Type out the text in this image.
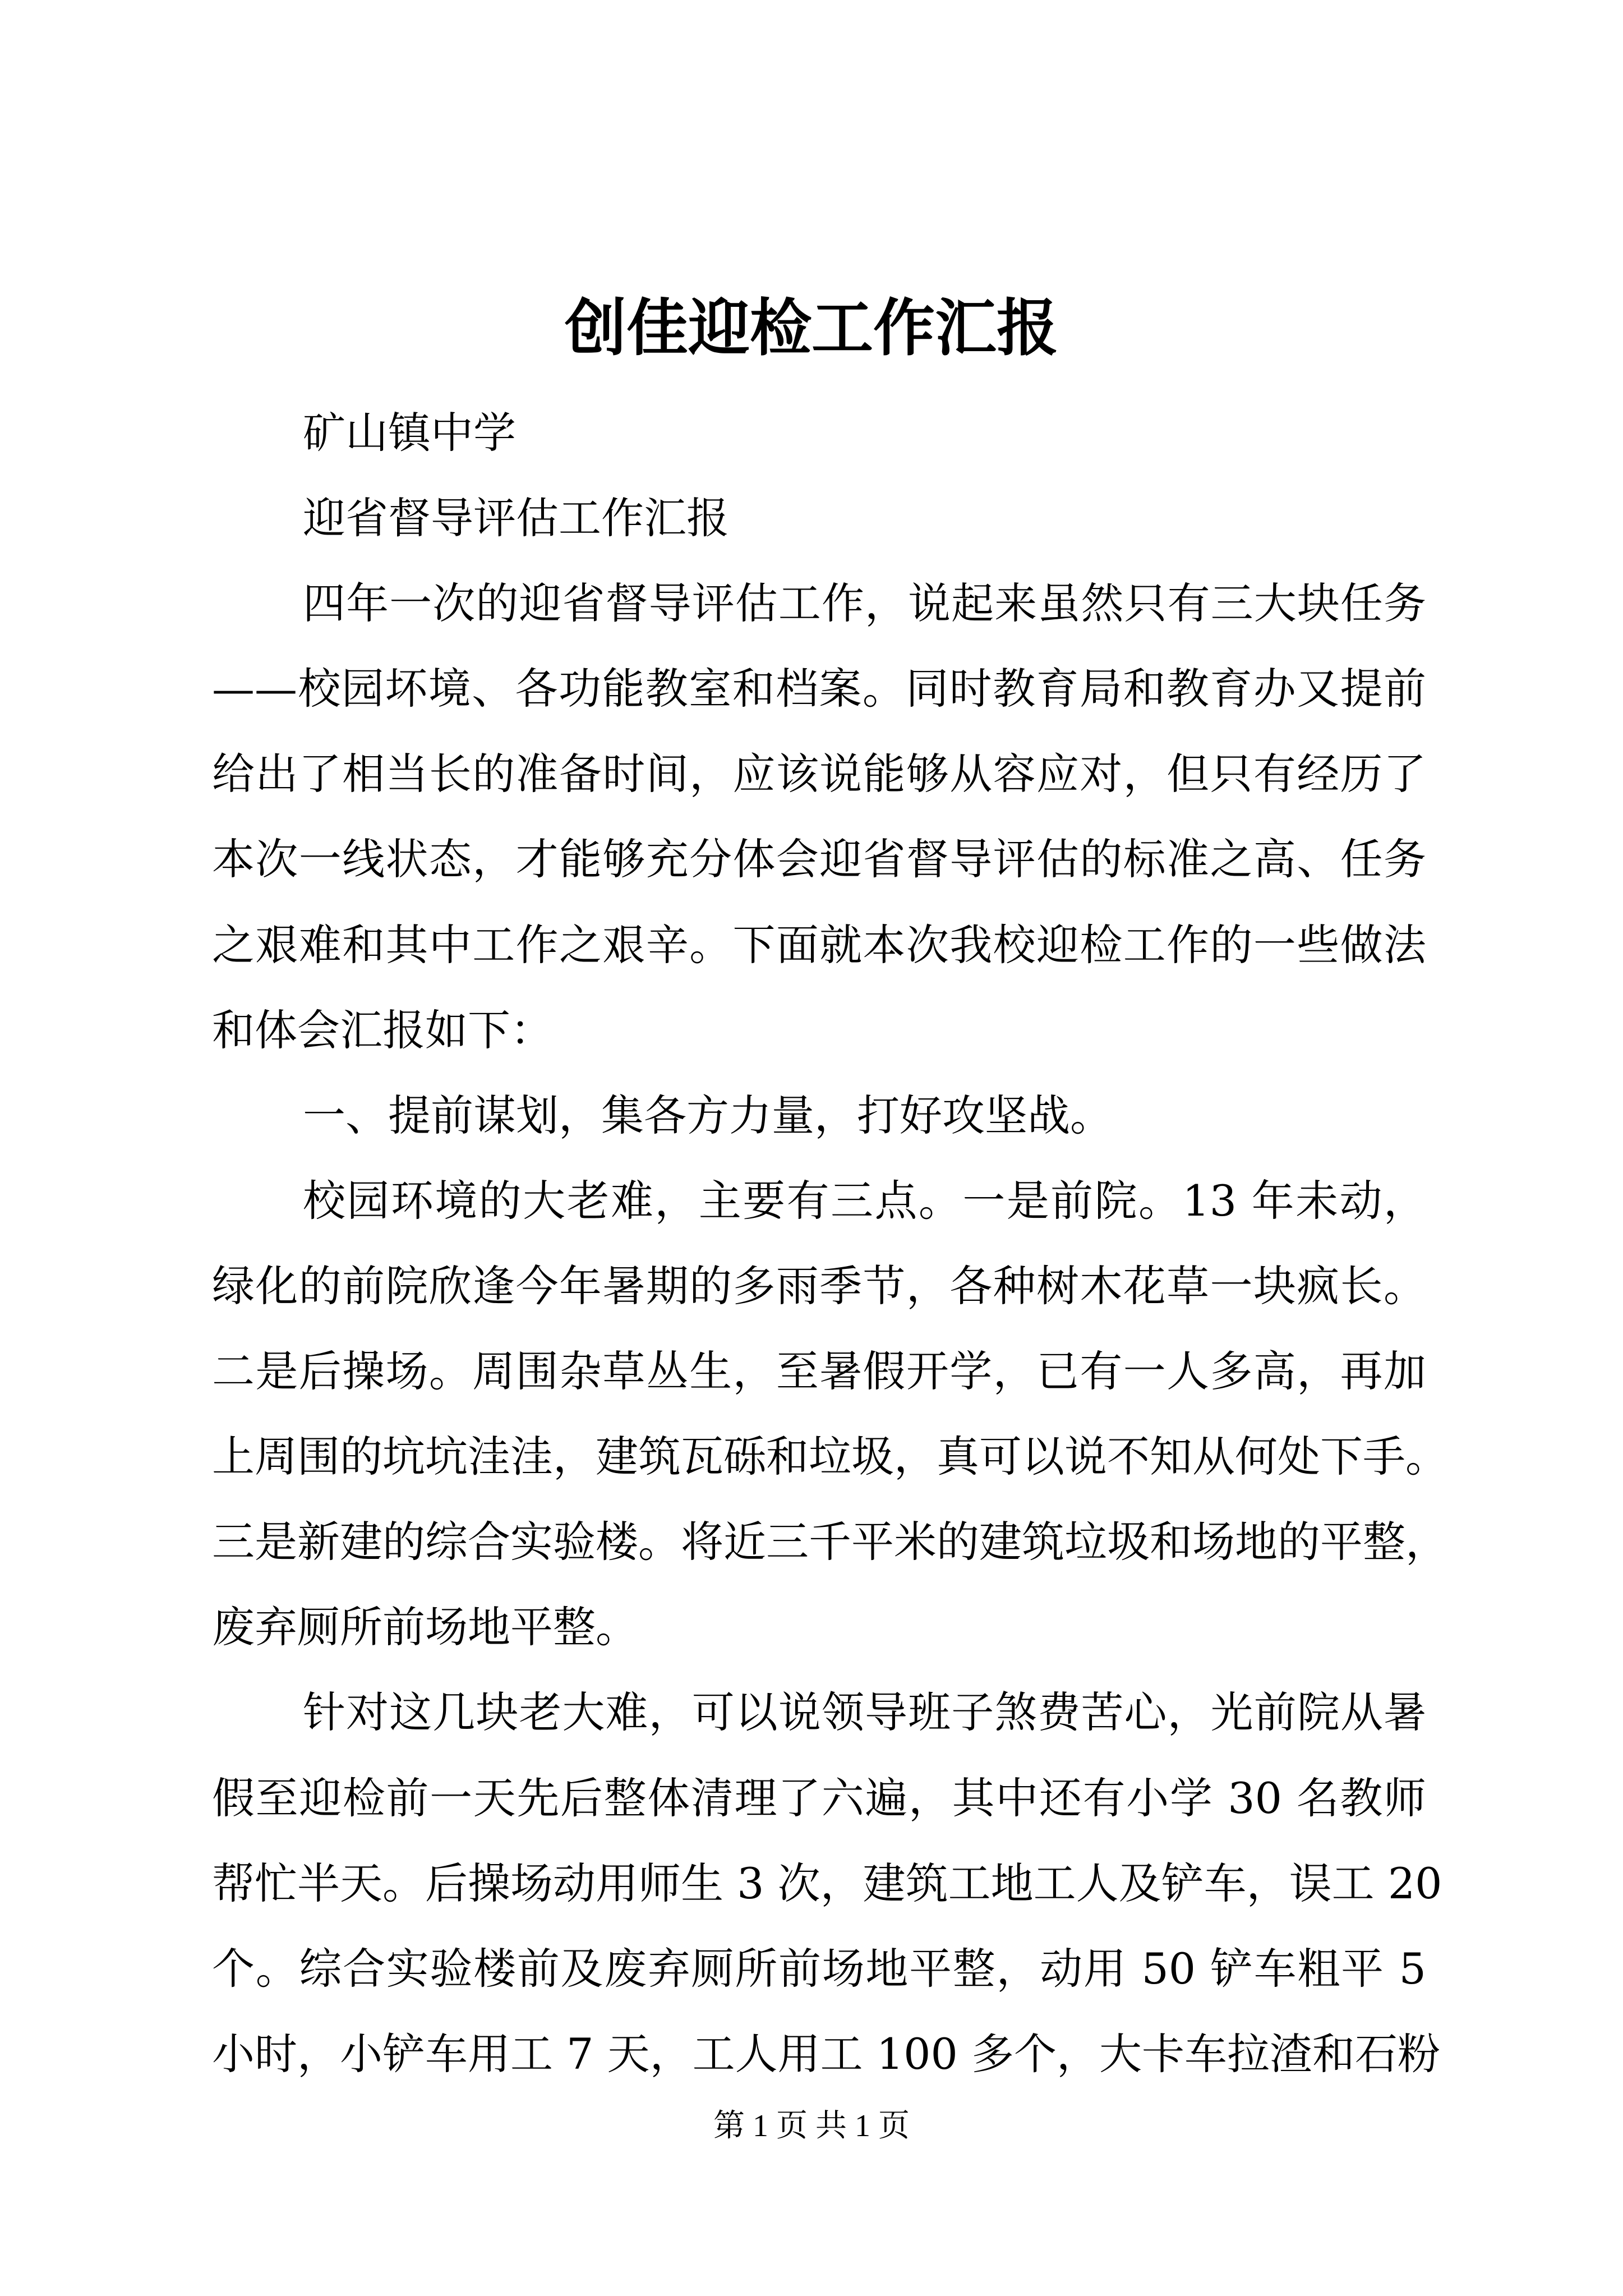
创佳迎检工作汇报
矿山镇中学
迎省督导评估工作汇报
四年一次的迎省督导评估工作，说起来虽然只有三大块任务
——校园坏境、各功能教室和档案。同时教育局和教育办又提前
给出了相当长的准备时间，应该说能够从容应对，但只有经历了
本次一线状态，才能够充分体会迎省督导评估的标准之高、任务
之艰难和其中工作之艰辛。下面就本次我校迎检工作的一些做法
和体会汇报如下：
一、提前谋划，集各方力量，打好攻坚战。
校园环境的大老难，主要有三点。一是前院。13 年未动，
绿化的前院欣逢今年暑期的多雨季节，各种树木花草一块疯长。
二是后操场。周围杂草丛生，至暑假开学，已有一人多高，再加
上周围的坑坑洼洼，建筑瓦砾和垃圾，真可以说不知从何处下手。
三是新建的综合实验楼。将近三千平米的建筑垃圾和场地的平整，
废弃厕所前场地平整。
针对这几块老大难，可以说领导班子煞费苦心，光前院从暑
假至迎检前一天先后整体清理了六遍，其中还有小学 30 名教师
帮忙半天。后操场动用师生 3 次，建筑工地工人及铲车，误工 20
个。综合实验楼前及废弃厕所前场地平整，动用 50 铲车粗平 5
小时，小铲车用工 7 天，工人用工 100 多个，大卡车拉渣和石粉
第 1 页 共 1 页
